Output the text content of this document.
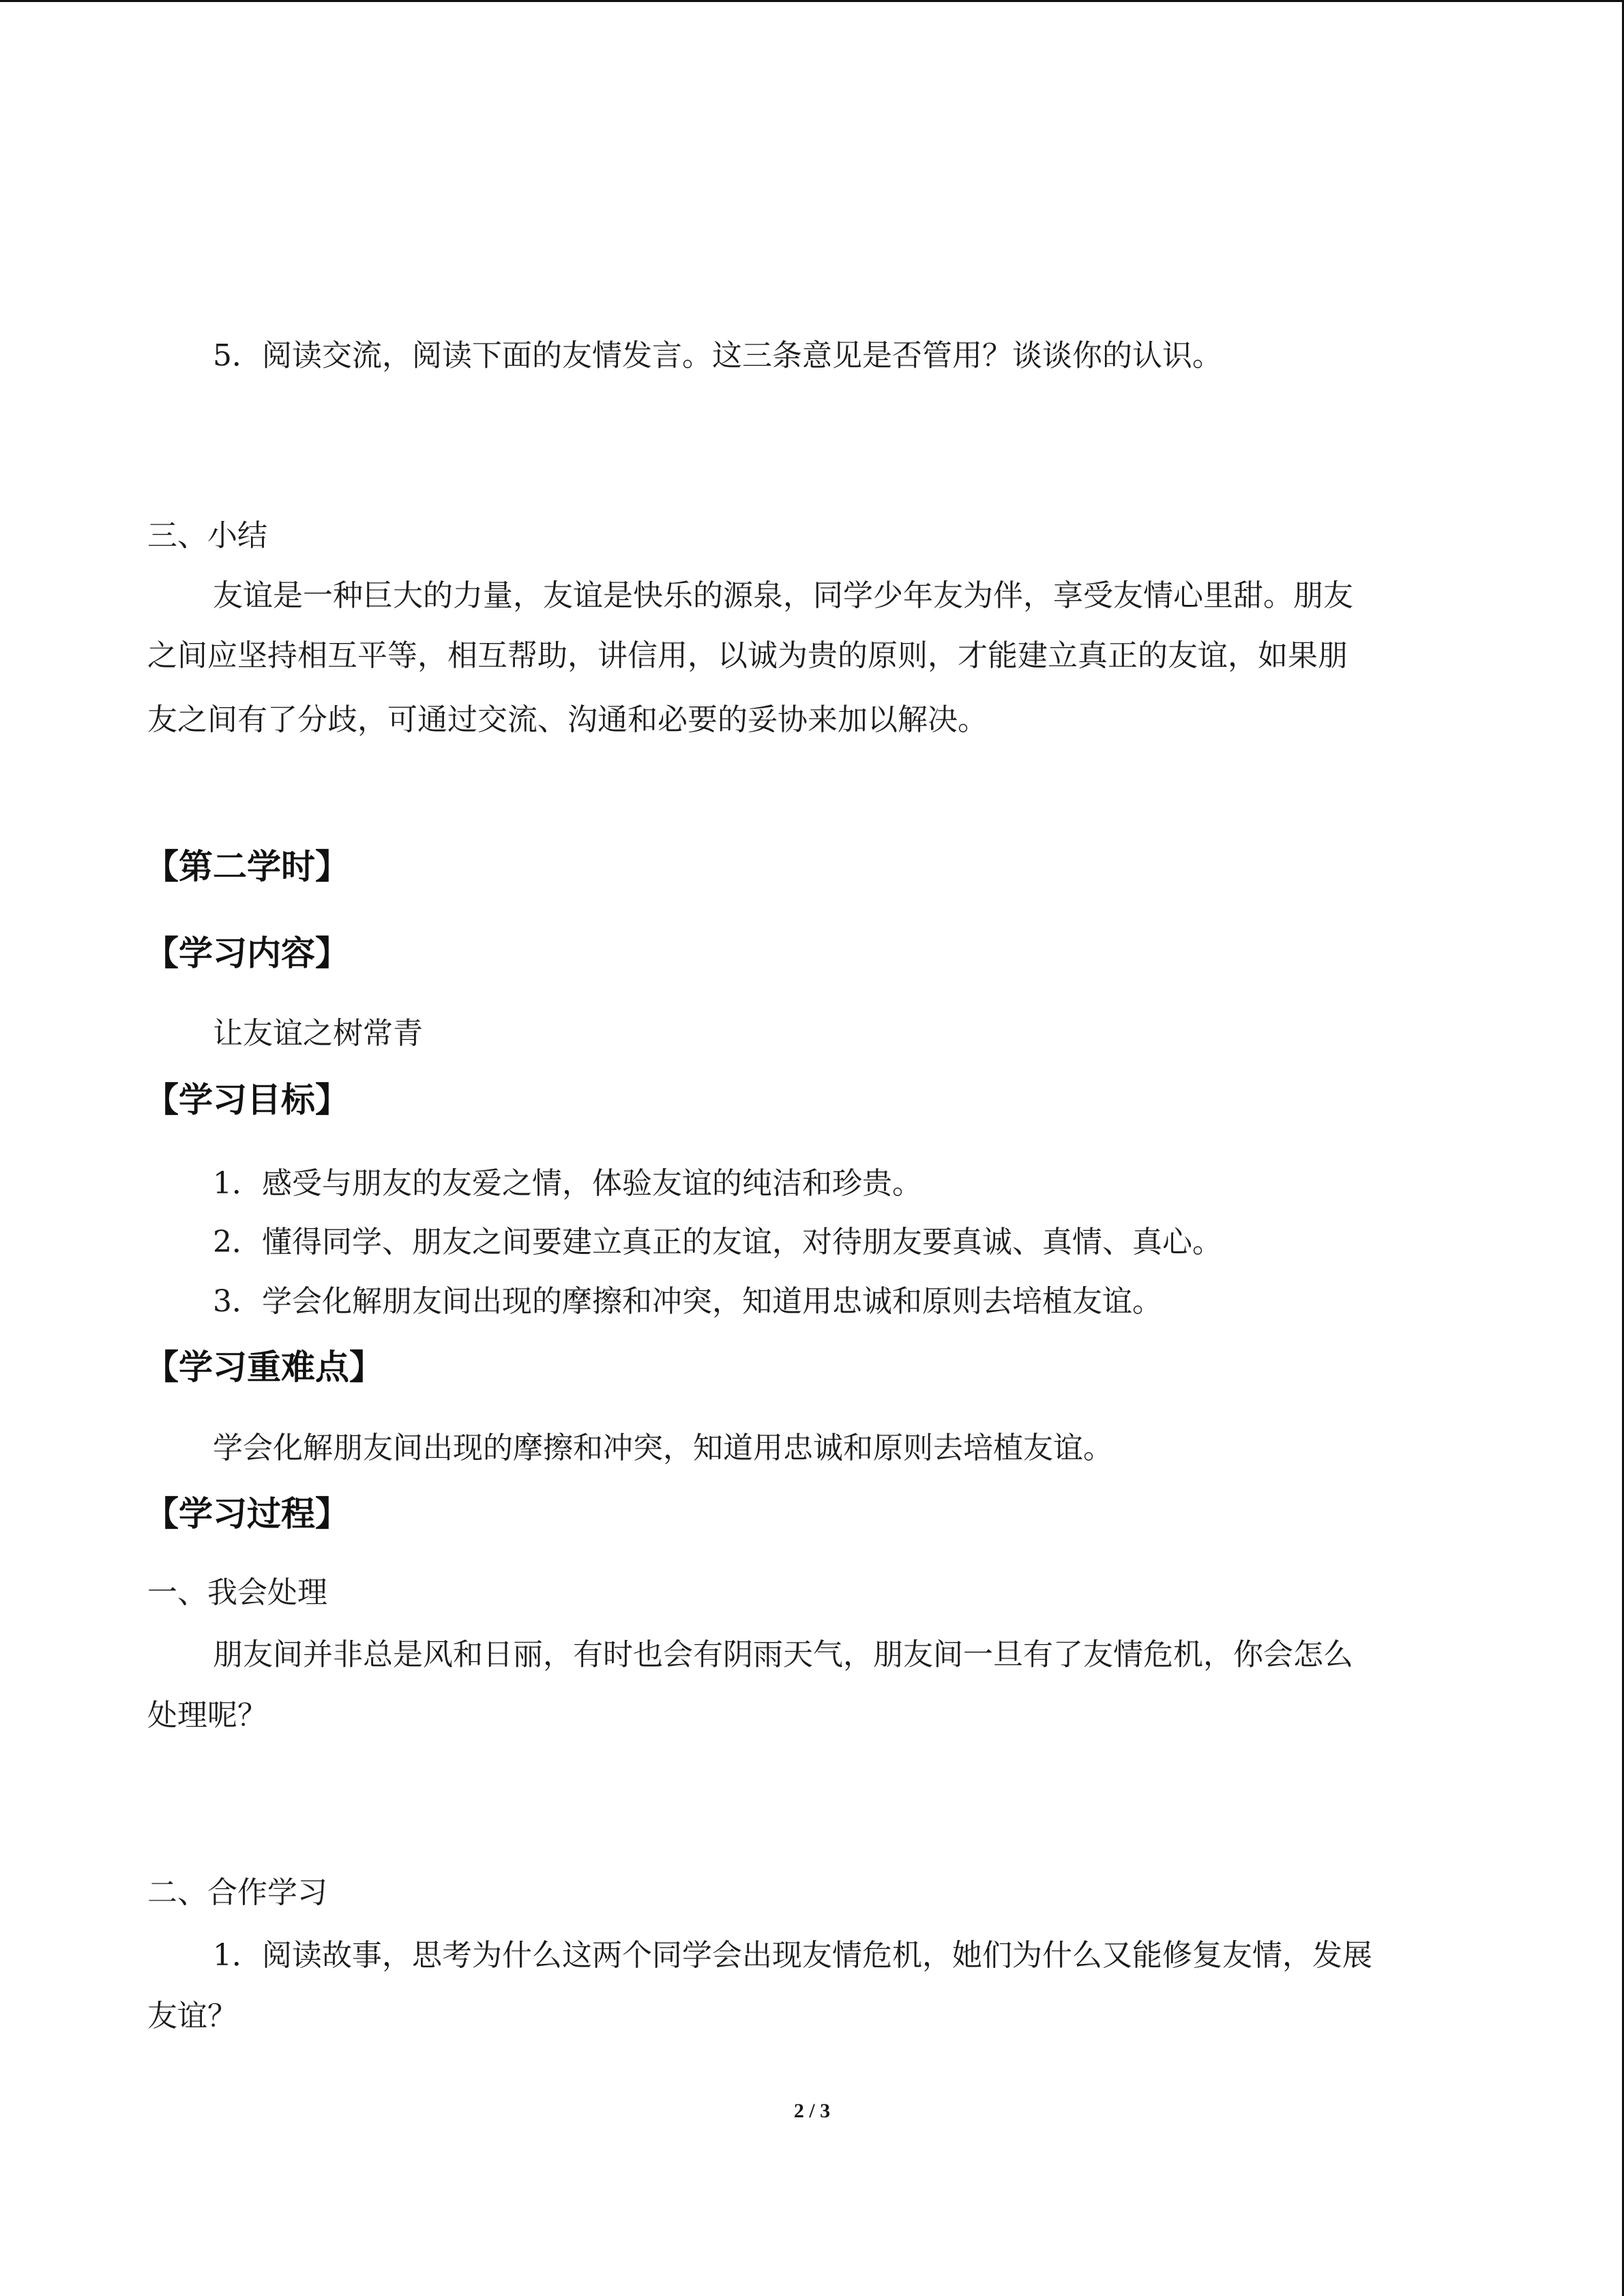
5．阅读交流，阅读下面的友情发言。这三条意见是否管用？谈谈你的认识。

三、小结

友谊是一种巨大的力量，友谊是快乐的源泉，同学少年友为伴，享受友情心里甜。朋友

之间应坚持相互平等，相互帮助，讲信用，以诚为贵的原则，才能建立真正的友谊，如果朋

友之间有了分歧，可通过交流、沟通和必要的妥协来加以解决。

【第二学时】

【学习内容】

让友谊之树常青

【学习目标】

1．感受与朋友的友爱之情，体验友谊的纯洁和珍贵。

2．懂得同学、朋友之间要建立真正的友谊，对待朋友要真诚、真情、真心。

3．学会化解朋友间出现的摩擦和冲突，知道用忠诚和原则去培植友谊。

【学习重难点】

学会化解朋友间出现的摩擦和冲突，知道用忠诚和原则去培植友谊。

【学习过程】

一、我会处理

朋友间并非总是风和日丽，有时也会有阴雨天气，朋友间一旦有了友情危机，你会怎么

处理呢？

二、合作学习

1．阅读故事，思考为什么这两个同学会出现友情危机，她们为什么又能修复友情，发展

友谊？

2 / 3
